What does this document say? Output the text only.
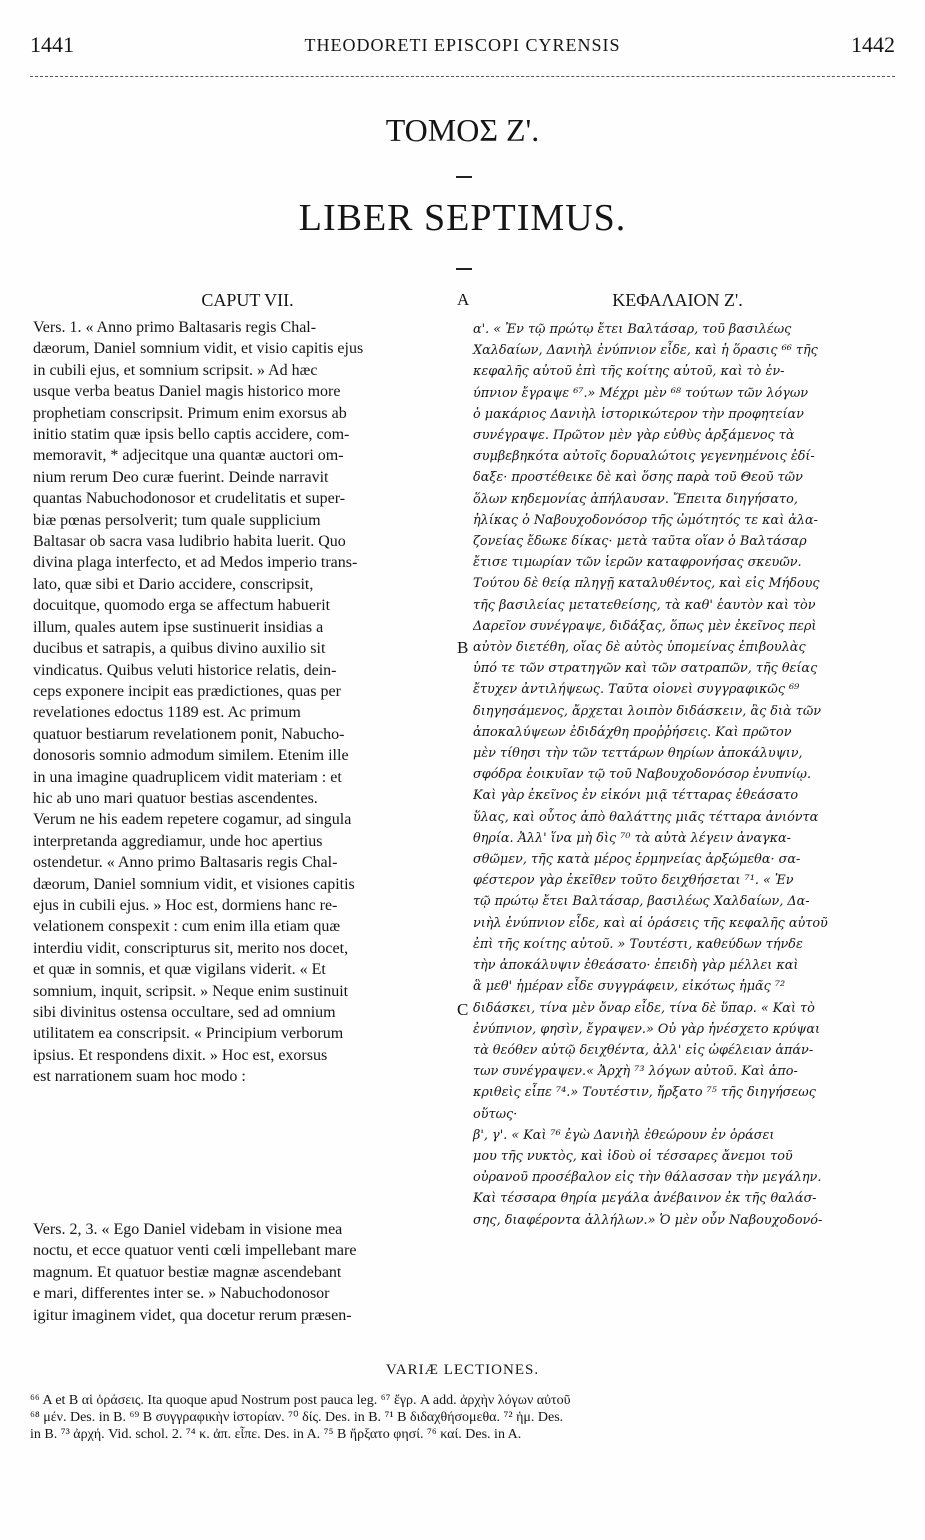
1441	THEODORETI EPISCOPI CYRENSIS	1442
ΤΟΜΟΣ Ζ'.
LIBER SEPTIMUS.
CAPUT VII.	ΚΕΦΑΛΑΙΟΝ Ζ'.
A
B
C
Vers. 1. « Anno primo Baltasaris regis Chal-
dæorum, Daniel somnium vidit, et visio capitis ejus
in cubili ejus, et somnium scripsit. » Ad hæc
usque verba beatus Daniel magis historico more
prophetiam conscripsit. Primum enim exorsus ab
initio statim quæ ipsis bello captis accidere, com-
memoravit, * adjecitque una quantæ auctori om-
nium rerum Deo curæ fuerint. Deinde narravit
quantas Nabuchodonosor et crudelitatis et super-
biæ pœnas persolverit; tum quale supplicium
Baltasar ob sacra vasa ludibrio habita luerit. Quo
divina plaga interfecto, et ad Medos imperio trans-
lato, quæ sibi et Dario accidere, conscripsit,
docuitque, quomodo erga se affectum habuerit
illum, quales autem ipse sustinuerit insidias a
ducibus et satrapis, a quibus divino auxilio sit
vindicatus. Quibus veluti historice relatis, dein-
ceps exponere incipit eas prædictiones, quas per
revelationes edoctus 1189 est. Ac primum
quatuor bestiarum revelationem ponit, Nabucho-
donosoris somnio admodum similem. Etenim ille
in una imagine quadruplicem vidit materiam : et
hic ab uno mari quatuor bestias ascendentes.
Verum ne his eadem repetere cogamur, ad singula
interpretanda aggrediamur, unde hoc apertius
ostendetur. « Anno primo Baltasaris regis Chal-
dæorum, Daniel somnium vidit, et visiones capitis
ejus in cubili ejus. » Hoc est, dormiens hanc re-
velationem conspexit : cum enim illa etiam quæ
interdiu vidit, conscripturus sit, merito nos docet,
et quæ in somnis, et quæ vigilans viderit. « Et
somnium, inquit, scripsit. » Neque enim sustinuit
sibi divinitus ostensa occultare, sed ad omnium
utilitatem ea conscripsit. « Principium verborum
ipsius. Et respondens dixit. » Hoc est, exorsus
est narrationem suam hoc modo :
Vers. 2, 3. « Ego Daniel videbam in visione mea
noctu, et ecce quatuor venti cœli impellebant mare
magnum. Et quatuor bestiæ magnæ ascendebant
e mari, differentes inter se. » Nabuchodonosor
igitur imaginem videt, qua docetur rerum præsen-
α'. « Ἐν τῷ πρώτῳ ἔτει Βαλτάσαρ, τοῦ βασιλέως
Χαλδαίων, Δανιὴλ ἐνύπνιον εἶδε, καὶ ἡ ὅρασις ⁶⁶ τῆς
κεφαλῆς αὐτοῦ ἐπὶ τῆς κοίτης αὐτοῦ, καὶ τὸ ἐν-
ύπνιον ἔγραψε ⁶⁷.» Μέχρι μὲν ⁶⁸ τούτων τῶν λόγων
ὁ μακάριος Δανιὴλ ἱστορικώτερον τὴν προφητείαν
συνέγραψε. Πρῶτον μὲν γὰρ εὐθὺς ἀρξάμενος τὰ
συμβεβηκότα αὐτοῖς δορυαλώτοις γεγενημένοις ἐδί-
δαξε· προστέθεικε δὲ καὶ ὅσης παρὰ τοῦ Θεοῦ τῶν
ὅλων κηδεμονίας ἀπήλαυσαν. Ἔπειτα διηγήσατο,
ἡλίκας ὁ Ναβουχοδονόσορ τῆς ὠμότητός τε καὶ ἀλα-
ζονείας ἔδωκε δίκας· μετὰ ταῦτα οἵαν ὁ Βαλτάσαρ
ἔτισε τιμωρίαν τῶν ἱερῶν καταφρονήσας σκευῶν.
Τούτου δὲ θείᾳ πληγῇ καταλυθέντος, καὶ εἰς Μήδους
τῆς βασιλείας μετατεθείσης, τὰ καθ' ἑαυτὸν καὶ τὸν
Δαρεῖον συνέγραψε, διδάξας, ὅπως μὲν ἐκεῖνος περὶ
αὐτὸν διετέθη, οἵας δὲ αὐτὸς ὑπομείνας ἐπιβουλὰς
ὑπό τε τῶν στρατηγῶν καὶ τῶν σατραπῶν, τῆς θείας
ἔτυχεν ἀντιλήψεως. Ταῦτα οἱονεὶ συγγραφικῶς ⁶⁹
διηγησάμενος, ἄρχεται λοιπὸν διδάσκειν, ἃς διὰ τῶν
ἀποκαλύψεων ἐδιδάχθη προῤῥήσεις. Καὶ πρῶτον
μὲν τίθησι τὴν τῶν τεττάρων θηρίων ἀποκάλυψιν,
σφόδρα ἐοικυῖαν τῷ τοῦ Ναβουχοδονόσορ ἐνυπνίῳ.
Καὶ γὰρ ἐκεῖνος ἐν εἰκόνι μιᾷ τέτταρας ἐθεάσατο
ὕλας, καὶ οὗτος ἀπὸ θαλάττης μιᾶς τέτταρα ἀνιόντα
θηρία. Ἀλλ' ἵνα μὴ δὶς ⁷⁰ τὰ αὐτὰ λέγειν ἀναγκα-
σθῶμεν, τῆς κατὰ μέρος ἑρμηνείας ἀρξώμεθα· σα-
φέστερον γὰρ ἐκεῖθεν τοῦτο δειχθήσεται ⁷¹. « Ἐν
τῷ πρώτῳ ἔτει Βαλτάσαρ, βασιλέως Χαλδαίων, Δα-
νιὴλ ἐνύπνιον εἶδε, καὶ αἱ ὁράσεις τῆς κεφαλῆς αὐτοῦ
ἐπὶ τῆς κοίτης αὐτοῦ. » Τουτέστι, καθεύδων τήνδε
τὴν ἀποκάλυψιν ἐθεάσατο· ἐπειδὴ γὰρ μέλλει καὶ
ἃ μεθ' ἡμέραν εἶδε συγγράφειν, εἰκότως ἡμᾶς ⁷²
διδάσκει, τίνα μὲν ὄναρ εἶδε, τίνα δὲ ὕπαρ. « Καὶ τὸ
ἐνύπνιον, φησὶν, ἔγραψεν.» Οὐ γὰρ ἠνέσχετο κρύψαι
τὰ θεόθεν αὐτῷ δειχθέντα, ἀλλ' εἰς ὠφέλειαν ἁπάν-
των συνέγραψεν.« Ἀρχὴ ⁷³ λόγων αὐτοῦ. Καὶ ἀπο-
κριθεὶς εἶπε ⁷⁴.» Τουτέστιν, ἤρξατο ⁷⁵ τῆς διηγήσεως
οὕτως·
β', γ'. « Καὶ ⁷⁶ ἐγὼ Δανιὴλ ἐθεώρουν ἐν ὁράσει
μου τῆς νυκτὸς, καὶ ἰδοὺ οἱ τέσσαρες ἄνεμοι τοῦ
οὐρανοῦ προσέβαλον εἰς τὴν θάλασσαν τὴν μεγάλην.
Καὶ τέσσαρα θηρία μεγάλα ἀνέβαινον ἐκ τῆς θαλάσ-
σης, διαφέροντα ἀλλήλων.» Ὁ μὲν οὖν Ναβουχοδονό-
VARIÆ LECTIONES.
⁶⁶ A et B αἱ ὁράσεις. Ita quoque apud Nostrum post pauca leg. ⁶⁷ ἔγρ. A add. ἀρχὴν λόγων αὐτοῦ
⁶⁸ μέν. Des. in B. ⁶⁹ B συγγραφικὴν ἱστορίαν. ⁷⁰ δίς. Des. in B. ⁷¹ B διδαχθήσομεθα. ⁷² ἡμ. Des.
in B. ⁷³ ἀρχή. Vid. schol. 2. ⁷⁴ κ. ἀπ. εἶπε. Des. in A. ⁷⁵ B ἤρξατο φησί. ⁷⁶ καί. Des. in A.
